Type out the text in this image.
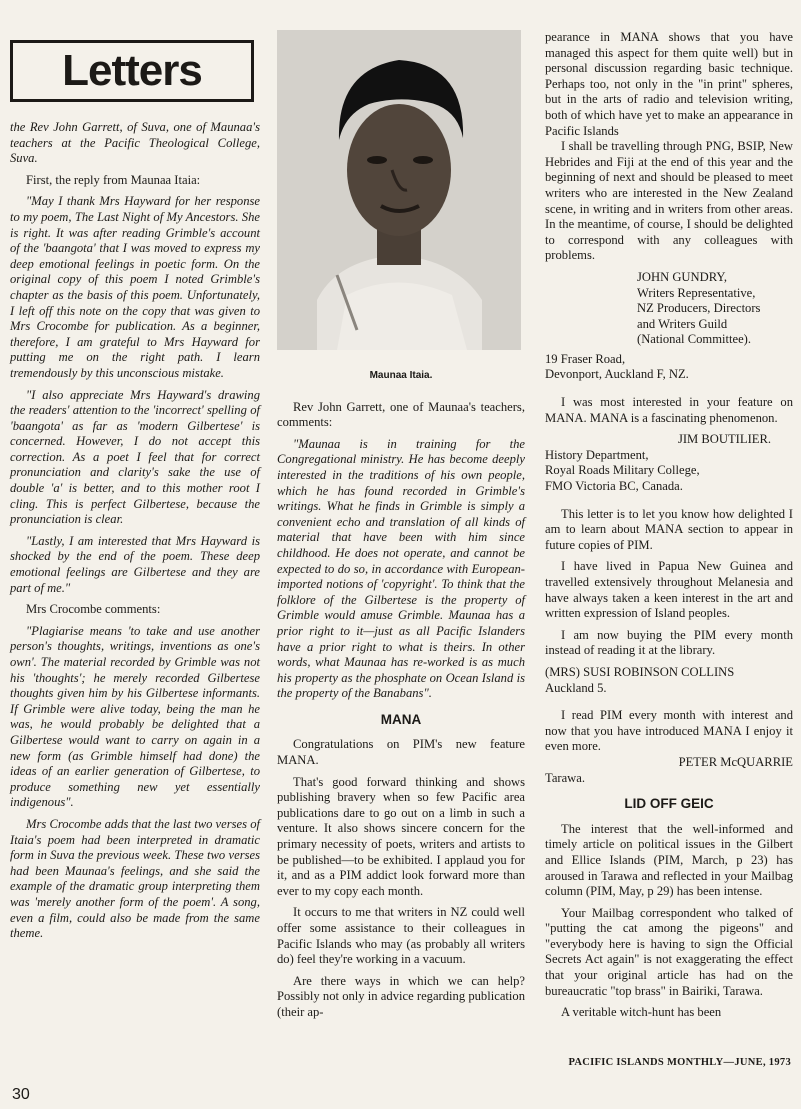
Letters

the Rev John Garrett, of Suva, one of Maunaa's teachers at the Pacific Theological College, Suva.

First, the reply from Maunaa Itaia:

"May I thank Mrs Hayward for her response to my poem, The Last Night of My Ancestors. She is right. It was after reading Grimble's account of the 'baangota' that I was moved to express my deep emotional feelings in poetic form. On the original copy of this poem I noted Grimble's chapter as the basis of this poem. Unfortunately, I left off this note on the copy that was given to Mrs Crocombe for publication. As a beginner, therefore, I am grateful to Mrs Hayward for putting me on the right path. I learn tremendously by this unconscious mistake.

"I also appreciate Mrs Hayward's drawing the readers' attention to the 'incorrect' spelling of 'baangota' as far as 'modern Gilbertese' is concerned. However, I do not accept this correction. As a poet I feel that for correct pronunciation and clarity's sake the use of double 'a' is better, and to this mother root I cling. This is perfect Gilbertese, because the pronunciation is clear.

"Lastly, I am interested that Mrs Hayward is shocked by the end of the poem. These deep emotional feelings are Gilbertese and they are part of me."

Mrs Crocombe comments:

"Plagiarise means 'to take and use another person's thoughts, writings, inventions as one's own'. The material recorded by Grimble was not his 'thoughts'; he merely recorded Gilbertese thoughts given him by his Gilbertese informants. If Grimble were alive today, being the man he was, he would probably be delighted that a Gilbertese would want to carry on again in a new form (as Grimble himself had done) the ideas of an earlier generation of Gilbertese, to produce something new yet essentially indigenous".

Mrs Crocombe adds that the last two verses of Itaia's poem had been interpreted in dramatic form in Suva the previous week. These two verses had been Maunaa's feelings, and she said the example of the dramatic group interpreting them was 'merely another form of the poem'. A song, even a film, could also be made from the same theme.

Maunaa Itaia.

Rev John Garrett, one of Maunaa's teachers, comments:

"Maunaa is in training for the Congregational ministry. He has become deeply interested in the traditions of his own people, which he has found recorded in Grimble's writings. What he finds in Grimble is simply a convenient echo and translation of all kinds of material that have been with him since childhood. He does not operate, and cannot be expected to do so, in accordance with European-imported notions of 'copyright'. To think that the folklore of the Gilbertese is the property of Grimble would amuse Grimble. Maunaa has a prior right to it—just as all Pacific Islanders have a prior right to what is theirs. In other words, what Maunaa has re-worked is as much his property as the phosphate on Ocean Island is the property of the Banabans".

MANA

Congratulations on PIM's new feature MANA.

That's good forward thinking and shows publishing bravery when so few Pacific area publications dare to go out on a limb in such a venture. It also shows sincere concern for the primary necessity of poets, writers and artists to be published—to be exhibited. I applaud you for it, and as a PIM addict look forward more than ever to my copy each month.

It occurs to me that writers in NZ could well offer some assistance to their colleagues in Pacific Islands who may (as probably all writers do) feel they're working in a vacuum.

Are there ways in which we can help? Possibly not only in advice regarding publication (their ap-

pearance in MANA shows that you have managed this aspect for them quite well) but in personal discussion regarding basic technique. Perhaps too, not only in the "in print" spheres, but in the arts of radio and television writing, both of which have yet to make an appearance in Pacific Islands

I shall be travelling through PNG, BSIP, New Hebrides and Fiji at the end of this year and the beginning of next and should be pleased to meet writers who are interested in the New Zealand scene, in writing and in writers from other areas. In the meantime, of course, I should be delighted to correspond with any colleagues with problems.

JOHN GUNDRY,

Writers Representative,

NZ Producers, Directors

and Writers Guild

(National Committee).

19 Fraser Road,

Devonport, Auckland F, NZ.

I was most interested in your feature on MANA. MANA is a fascinating phenomenon.

JIM BOUTILIER.

History Department,

Royal Roads Military College,

FMO Victoria BC, Canada.

This letter is to let you know how delighted I am to learn about MANA section to appear in future copies of PIM.

I have lived in Papua New Guinea and travelled extensively throughout Melanesia and have always taken a keen interest in the art and written expression of Island peoples.

I am now buying the PIM every month instead of reading it at the library.

(MRS) SUSI ROBINSON COLLINS

Auckland 5.

I read PIM every month with interest and now that you have introduced MANA I enjoy it even more.

PETER McQUARRIE

Tarawa.

LID OFF GEIC

The interest that the well-informed and timely article on political issues in the Gilbert and Ellice Islands (PIM, March, p 23) has aroused in Tarawa and reflected in your Mailbag column (PIM, May, p 29) has been intense.

Your Mailbag correspondent who talked of "putting the cat among the pigeons" and "everybody here is having to sign the Official Secrets Act again" is not exaggerating the effect that your original article has had on the bureaucratic "top brass" in Bairiki, Tarawa.

A veritable witch-hunt has been

PACIFIC ISLANDS MONTHLY—JUNE, 1973
30
